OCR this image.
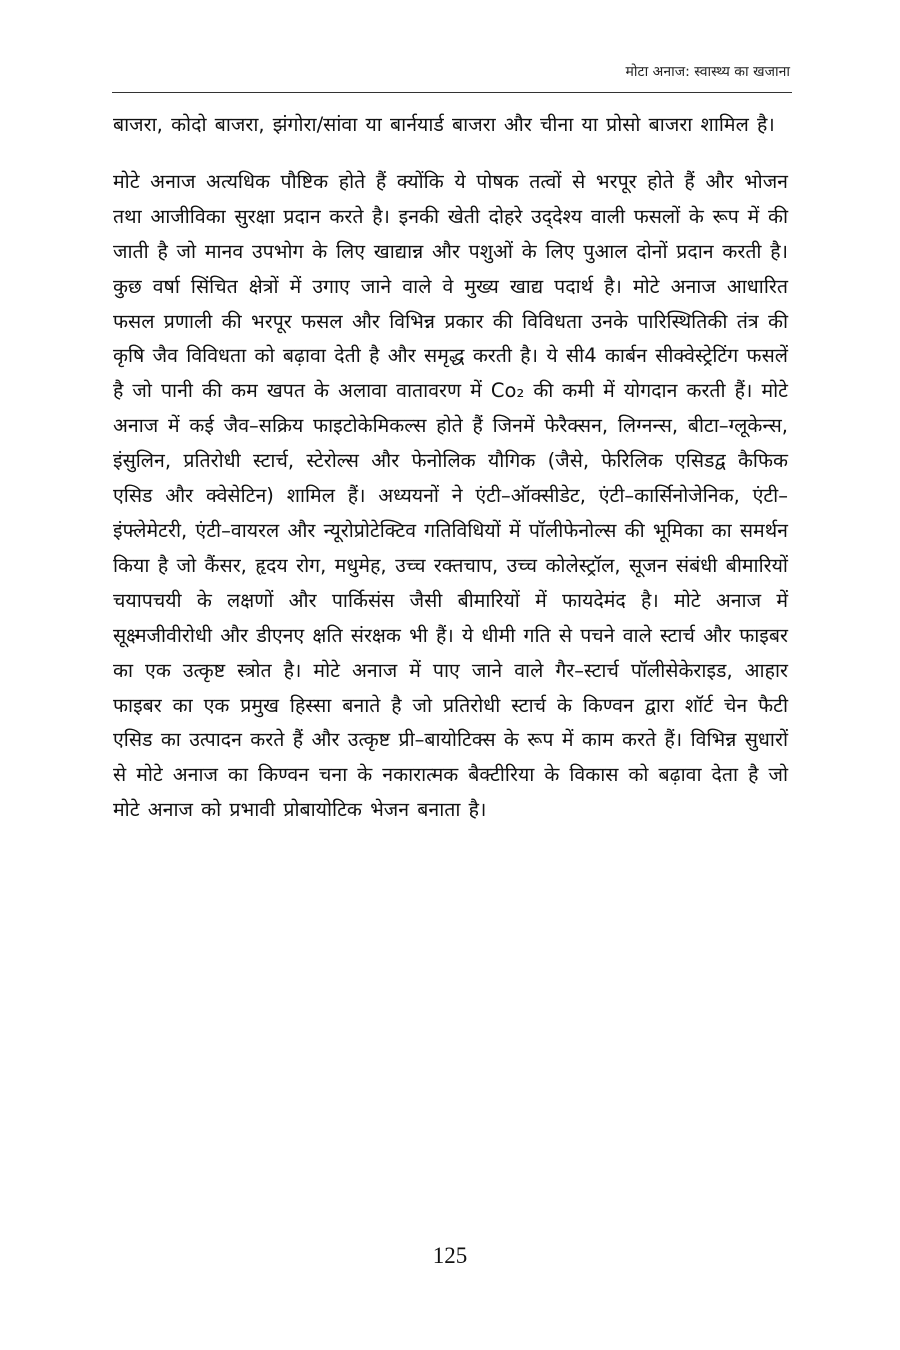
मोटा अनाज: स्वास्थ्य का खजाना

बाजरा, कोदो बाजरा, झंगोरा/सांवा या बार्नयार्ड बाजरा और चीना या प्रोसो बाजरा शामिल है।

मोटे अनाज अत्यधिक पौष्टिक होते हैं क्योंकि ये पोषक तत्वों से भरपूर होते हैं और भोजन तथा आजीविका सुरक्षा प्रदान करते है। इनकी खेती दोहरे उद्‌देश्य वाली फसलों के रूप में की जाती है जो मानव उपभोग के लिए खाद्यान्न और पशुओं के लिए पुआल दोनों प्रदान करती है। कुछ वर्षा सिंचित क्षेत्रों में उगाए जाने वाले वे मुख्य खाद्य पदार्थ है। मोटे अनाज आधारित फसल प्रणाली की भरपूर फसल और विभिन्न प्रकार की विविधता उनके पारिस्थितिकी तंत्र की कृषि जैव विविधता को बढ़ावा देती है और समृद्ध करती है। ये सी4 कार्बन सीक्वेस्ट्रेटिंग फसलें है जो पानी की कम खपत के अलावा वातावरण में Co₂ की कमी में योगदान करती हैं। मोटे अनाज में कई जैव–सक्रिय फाइटोकेमिकल्स होते हैं जिनमें फेरैक्सन, लिग्नन्स, बीटा–ग्लूकेन्स, इंसुलिन, प्रतिरोधी स्टार्च, स्टेरोल्स और फेनोलिक यौगिक (जैसे, फेरिलिक एसिडद्व कैफिक एसिड और क्वेसेटिन) शामिल हैं। अध्ययनों ने एंटी–ऑक्सीडेट, एंटी–कार्सिनोजेनिक, एंटी–इंफ्लेमेटरी, एंटी–वायरल और न्यूरोप्रोटेक्टिव गतिविधियों में पॉलीफेनोल्स की भूमिका का समर्थन किया है जो कैंसर, हृदय रोग, मधुमेह, उच्च रक्तचाप, उच्च कोलेस्ट्रॉल, सूजन संबंधी बीमारियों चयापचयी के लक्षणों और पार्किसंस जैसी बीमारियों में फायदेमंद है। मोटे अनाज में सूक्ष्मजीवीरोधी और डीएनए क्षति संरक्षक भी हैं। ये धीमी गति से पचने वाले स्टार्च और फाइबर का एक उत्कृष्ट स्त्रोत है। मोटे अनाज में पाए जाने वाले गैर–स्टार्च पॉलीसेकेराइड, आहार फाइबर का एक प्रमुख हिस्सा बनाते है जो प्रतिरोधी स्टार्च के किण्वन द्वारा शॉर्ट चेन फैटी एसिड का उत्पादन करते हैं और उत्कृष्ट प्री–बायोटिक्स के रूप में काम करते हैं। विभिन्न सुधारों से मोटे अनाज का किण्वन चना के नकारात्मक बैक्टीरिया के विकास को बढ़ावा देता है जो मोटे अनाज को प्रभावी प्रोबायोटिक भेजन बनाता है।

125
